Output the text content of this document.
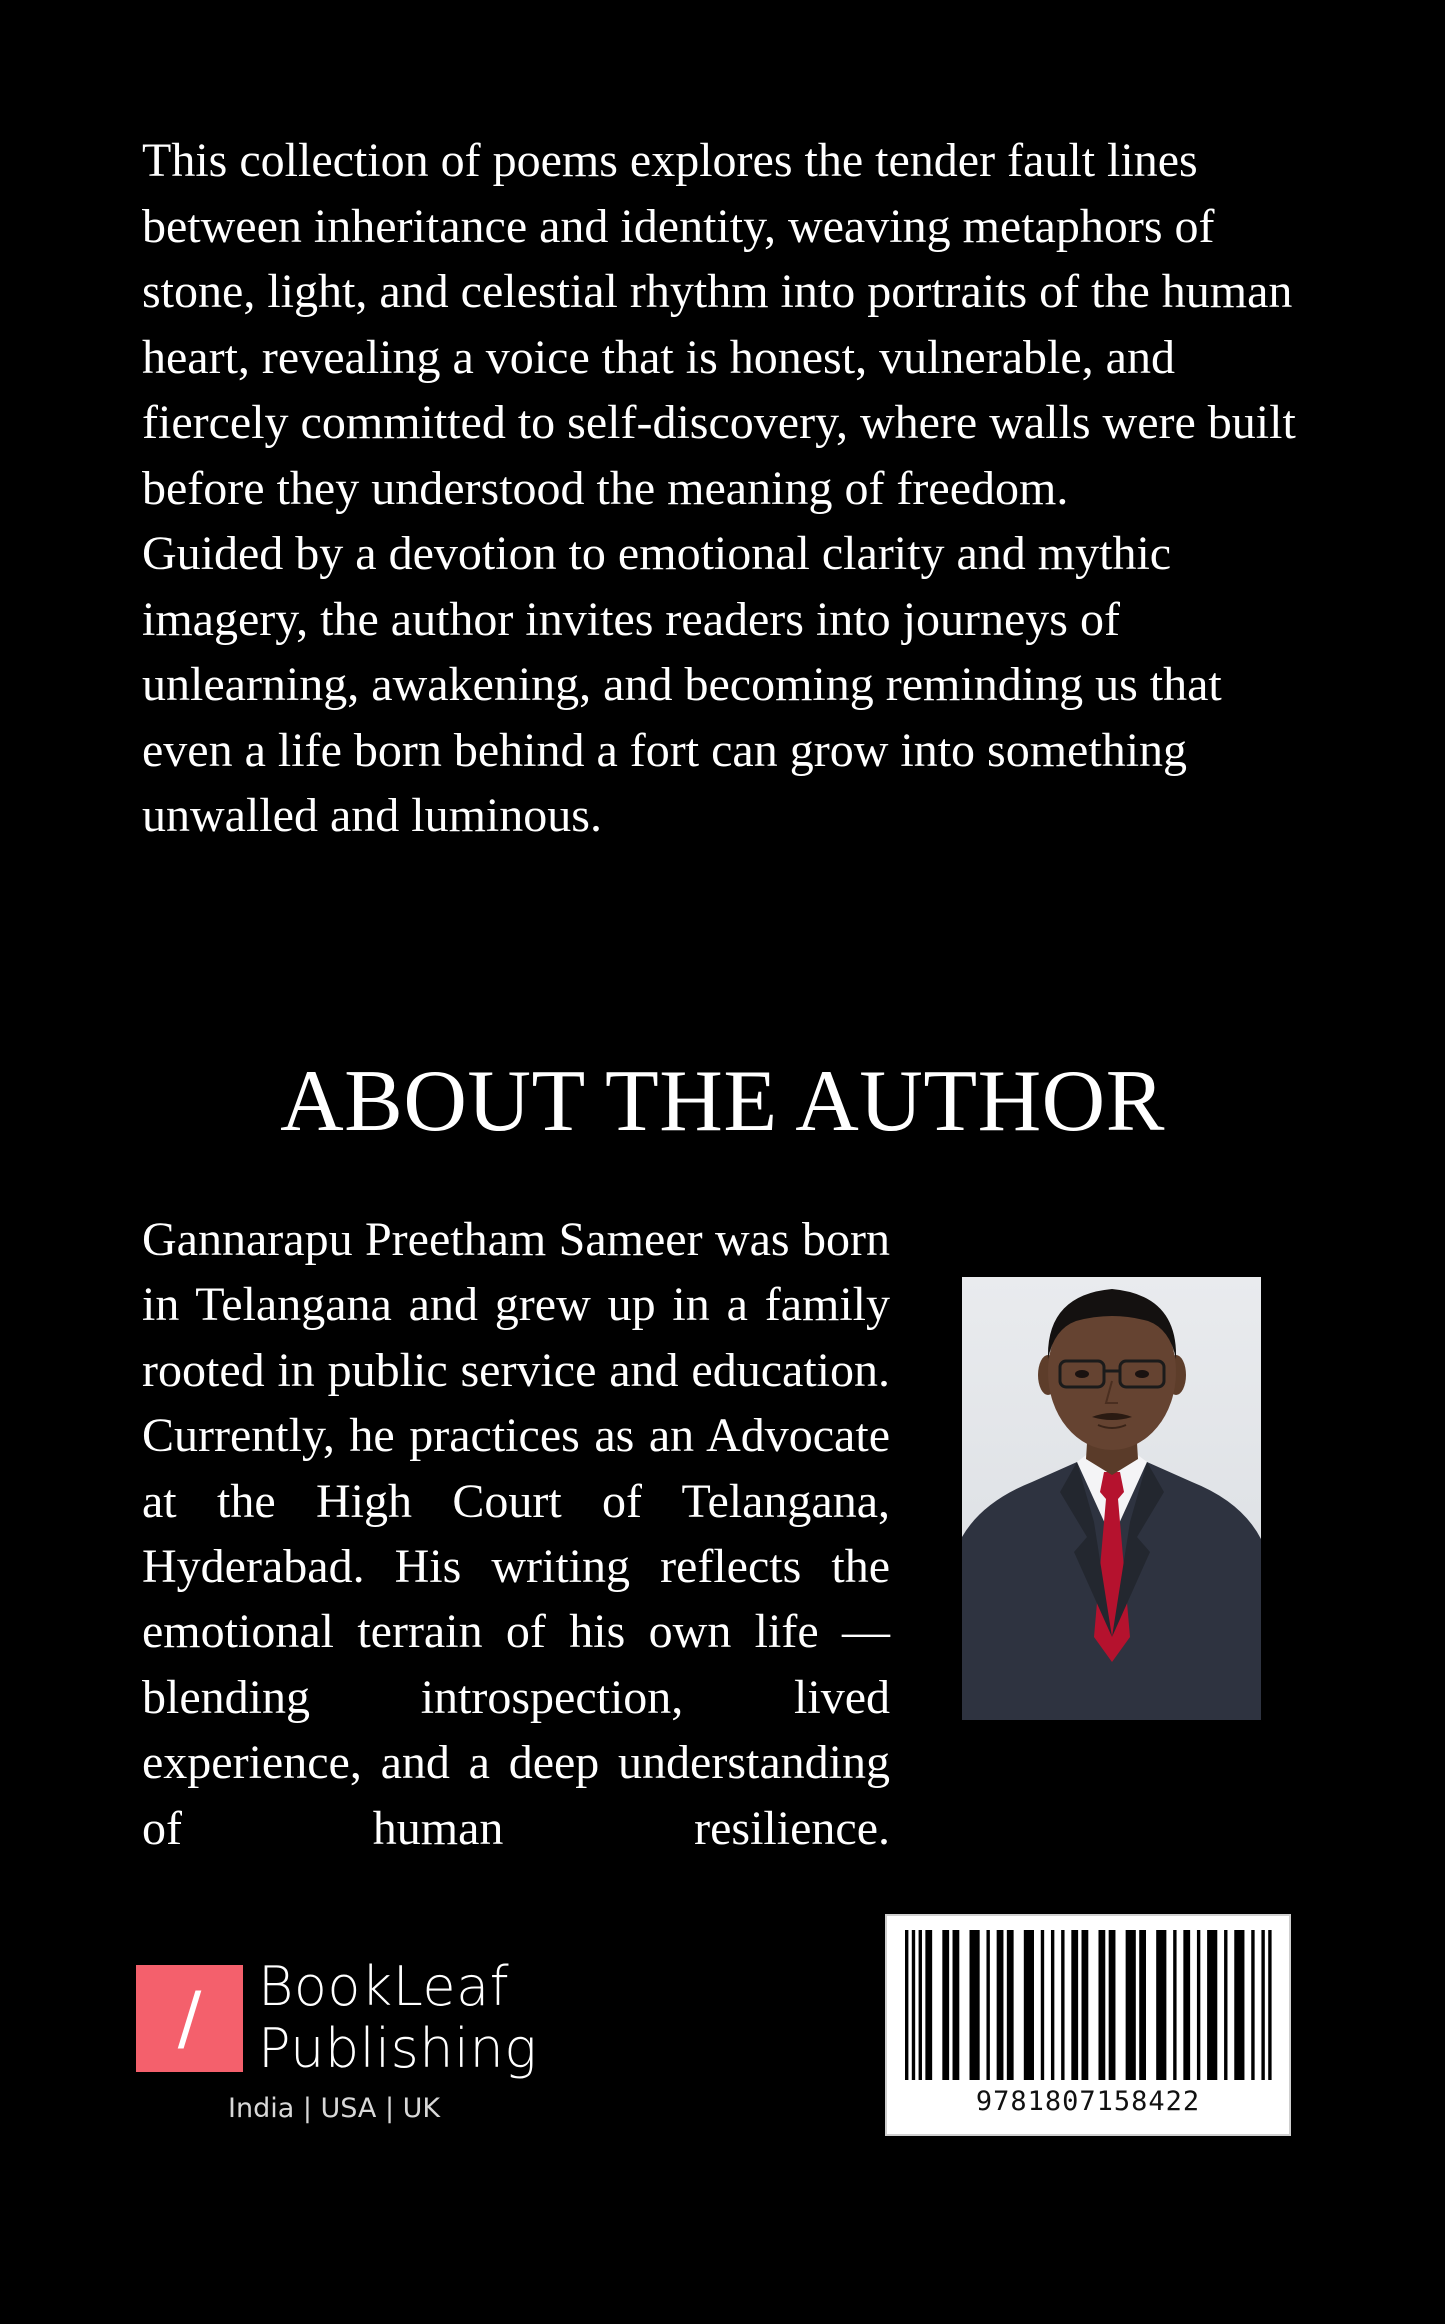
This collection of poems explores the tender fault lines between inheritance and identity, weaving metaphors of stone, light, and celestial rhythm into portraits of the human heart, revealing a voice that is honest, vulnerable, and fiercely committed to self-discovery, where walls were built before they understood the meaning of freedom.

Guided by a devotion to emotional clarity and mythic imagery, the author invites readers into journeys of unlearning, awakening, and becoming reminding us that even a life born behind a fort can grow into something unwalled and luminous.

ABOUT THE AUTHOR

Gannarapu Preetham Sameer was born in Telangana and grew up in a family rooted in public service and education. Currently, he practices as an Advocate at the High Court of Telangana, Hyderabad. His writing reflects the emotional terrain of his own life — blending introspection, lived experience, and a deep understanding of human resilience.

/	BookLeaf
Publishing
India | USA | UK	9781807158422
